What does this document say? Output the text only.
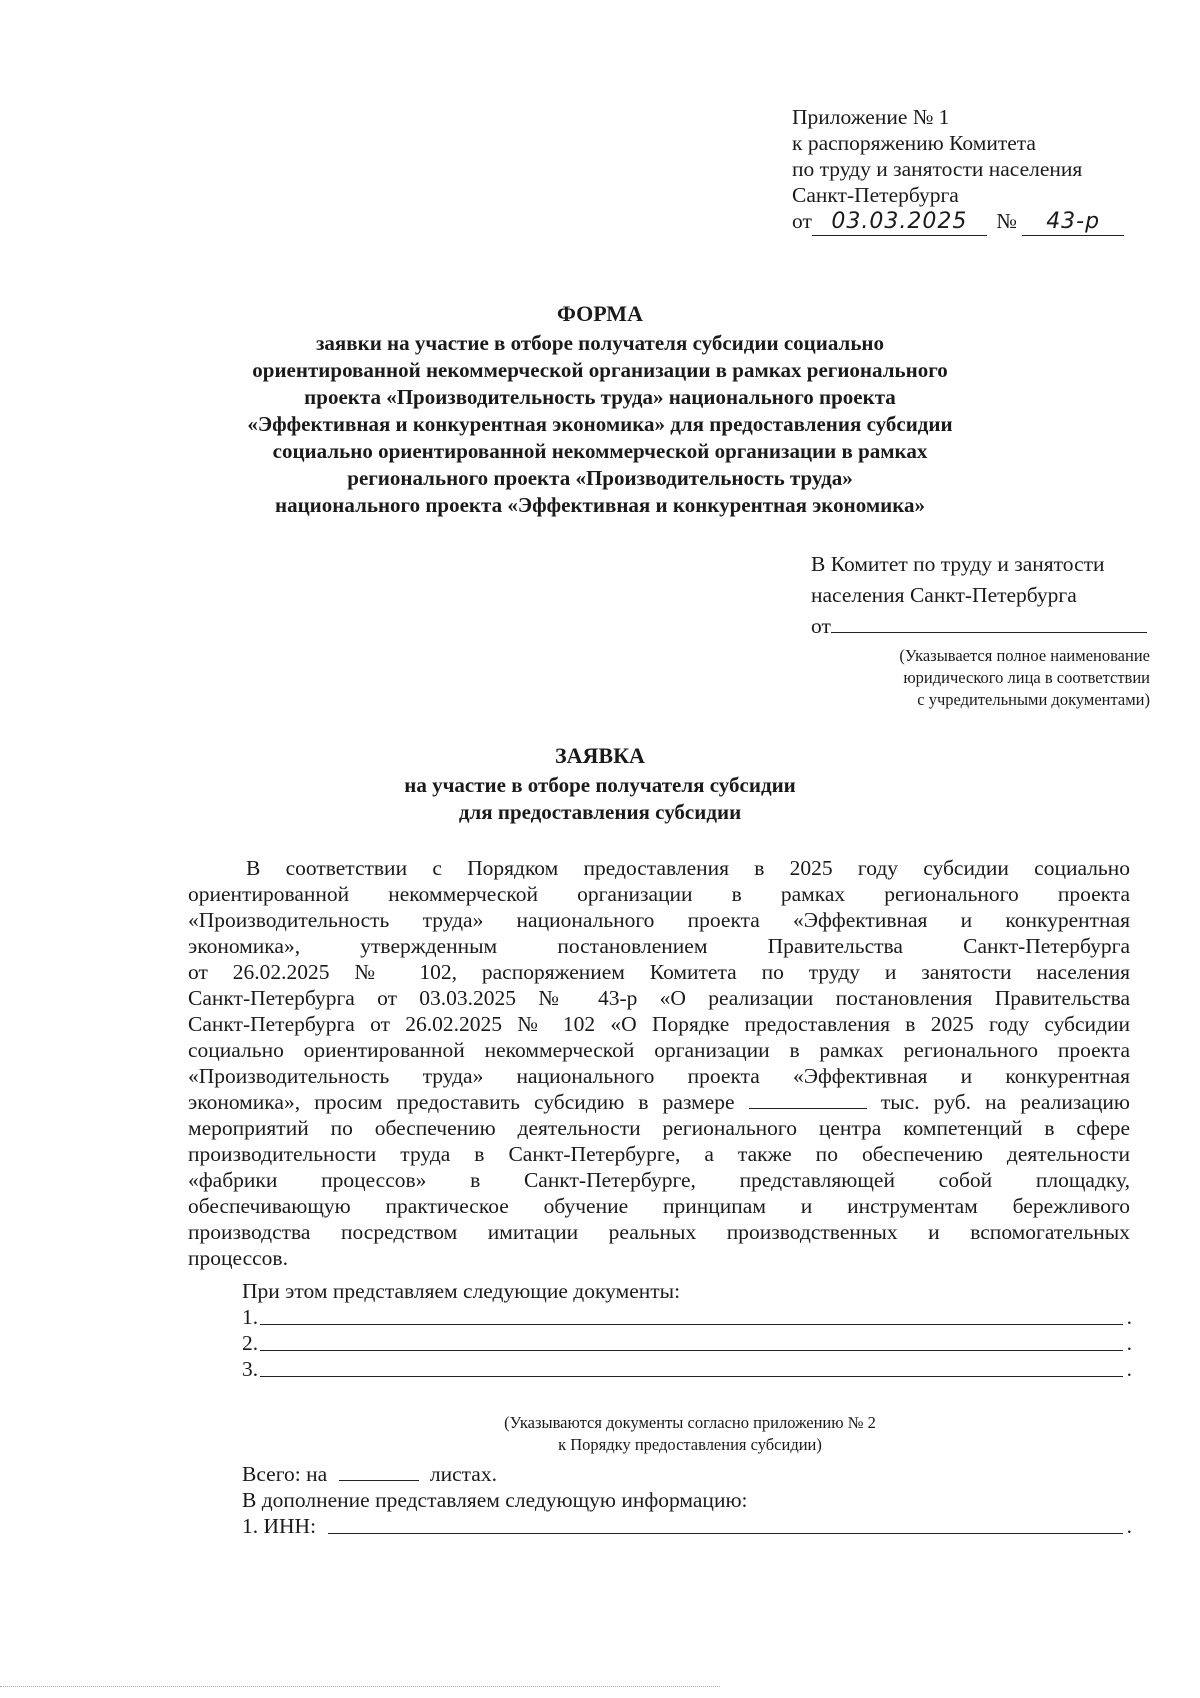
Приложение № 1
к распоряжению Комитета
по труду и занятости населения
Санкт-Петербурга
от 03.03.2025 № 43-р
ФОРМА
заявки на участие в отборе получателя субсидии социально
ориентированной некоммерческой организации в рамках регионального
проекта «Производительность труда» национального проекта
«Эффективная и конкурентная экономика» для предоставления субсидии
социально ориентированной некоммерческой организации в рамках
регионального проекта «Производительность труда»
национального проекта «Эффективная и конкурентная экономика»
В Комитет по труду и занятости
населения Санкт-Петербурга
от
(Указывается полное наименование
юридического лица в соответствии
с учредительными документами)
ЗАЯВКА
на участие в отборе получателя субсидии
для предоставления субсидии
В соответствии с Порядком предоставления в 2025 году субсидии социально
ориентированной некоммерческой организации в рамках регионального проекта
«Производительность труда» национального проекта «Эффективная и конкурентная
экономика», утвержденным постановлением Правительства Санкт-Петербурга
от 26.02.2025 № 102, распоряжением Комитета по труду и занятости населения
Санкт-Петербурга от 03.03.2025 № 43-р «О реализации постановления Правительства
Санкт-Петербурга от 26.02.2025 № 102 «О Порядке предоставления в 2025 году субсидии
социально ориентированной некоммерческой организации в рамках регионального проекта
«Производительность труда» национального проекта «Эффективная и конкурентная
экономика», просим предоставить субсидию в размере	тыс. руб. на реализацию
мероприятий по обеспечению деятельности регионального центра компетенций в сфере
производительности труда в Санкт-Петербурге, а также по обеспечению деятельности
«фабрики процессов» в Санкт-Петербурге, представляющей собой площадку,
обеспечивающую практическое обучение принципам и инструментам бережливого
производства посредством имитации реальных производственных и вспомогательных
процессов.
При этом представляем следующие документы:
1.	.
2.	.
3.	.
(Указываются документы согласно приложению № 2
к Порядку предоставления субсидии)
Всего: на	листах.
В дополнение представляем следующую информацию:
1. ИНН:	.
